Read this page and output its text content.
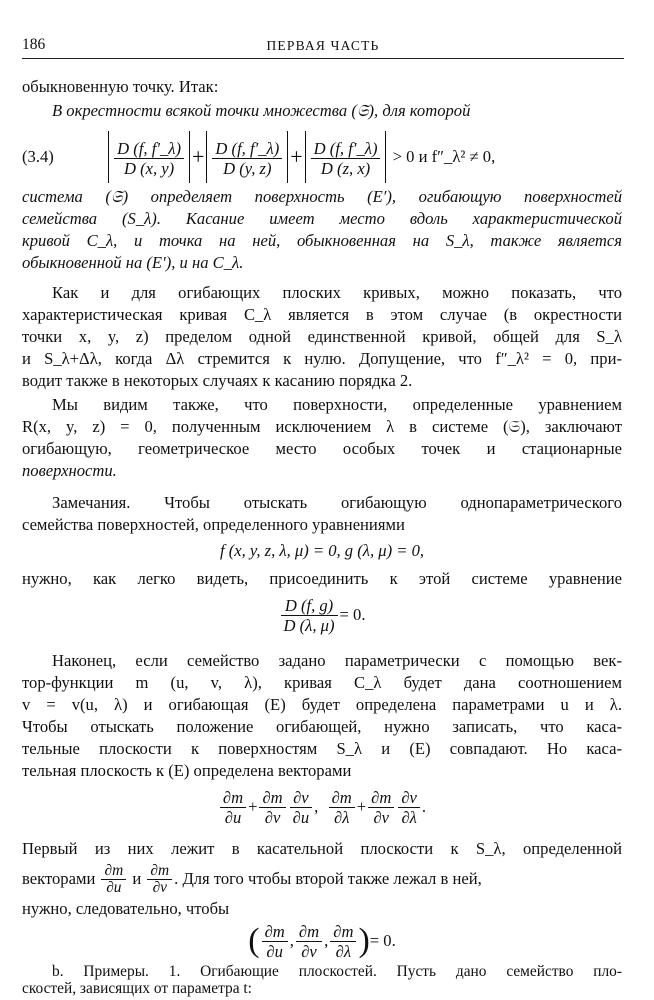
186	ПЕРВАЯ ЧАСТЬ
обыкновенную точку. Итак:
В окрестности всякой точки множества (𝔖), для которой
(3.4)	$\frac{D (f, f'\_\lambda)}{D (x, y)} + \frac{D (f, f'\_\lambda)}{D (y, z)} + \frac{D (f, f'\_\lambda)}{D (z, x)} > 0$ и f″_λ² ≠ 0,
система (𝔖) определяет поверхность (E′), огибающую поверхностей
семейства (S_λ). Касание имеет место вдоль характеристической
кривой C_λ, и точка на ней, обыкновенная на S_λ, также является
обыкновенной на (E′), и на C_λ.
Как и для огибающих плоских кривых, можно показать, что
характеристическая кривая C_λ является в этом случае (в окрестности
точки x, y, z) пределом одной единственной кривой, общей для S_λ
и S_λ+Δλ, когда Δλ стремится к нулю. Допущение, что f″_λ² = 0, при-
водит также в некоторых случаях к касанию порядка 2.
Мы видим также, что поверхности, определенные уравнением
R(x, y, z) = 0, полученным исключением λ в системе (𝔖), заключают
огибающую, геометрическое место особых точек и стационарные
поверхности.
Замечания. Чтобы отыскать огибающую однопараметрического
семейства поверхностей, определенного уравнениями
f (x, y, z, λ, μ) = 0, g (λ, μ) = 0,
нужно, как легко видеть, присоединить к этой системе уравнение
$\frac{D (f, g)}{D (\lambda, \mu)} = 0$.
Наконец, если семейство задано параметрически с помощью век-
тор-функции m (u, v, λ), кривая C_λ будет дана соотношением
v = v(u, λ) и огибающая (E) будет определена параметрами u и λ.
Чтобы отыскать положение огибающей, нужно записать, что каса-
тельные плоскости к поверхностям S_λ и (E) совпадают. Но каса-
тельная плоскость к (E) определена векторами
$\frac{\partial m}{\partial u} + \frac{\partial m}{\partial v} \frac{\partial v}{\partial u}$ , $\frac{\partial m}{\partial\lambda} + \frac{\partial m}{\partial v} \frac{\partial v}{\partial\lambda}$ .
Первый из них лежит в касательной плоскости к S_λ, определенной
векторами $\frac{\partial m}{\partial u}$ и $\frac{\partial m}{\partial v}$ . Для того чтобы второй также лежал в ней,
нужно, следовательно, чтобы
( $\frac{\partial m}{\partial u}$ , $\frac{\partial m}{\partial v}$ , $\frac{\partial m}{\partial\lambda}$ )= 0.
b. Примеры. 1. Огибающие плоскостей. Пусть дано семейство пло-
скостей, зависящих от параметра t:
